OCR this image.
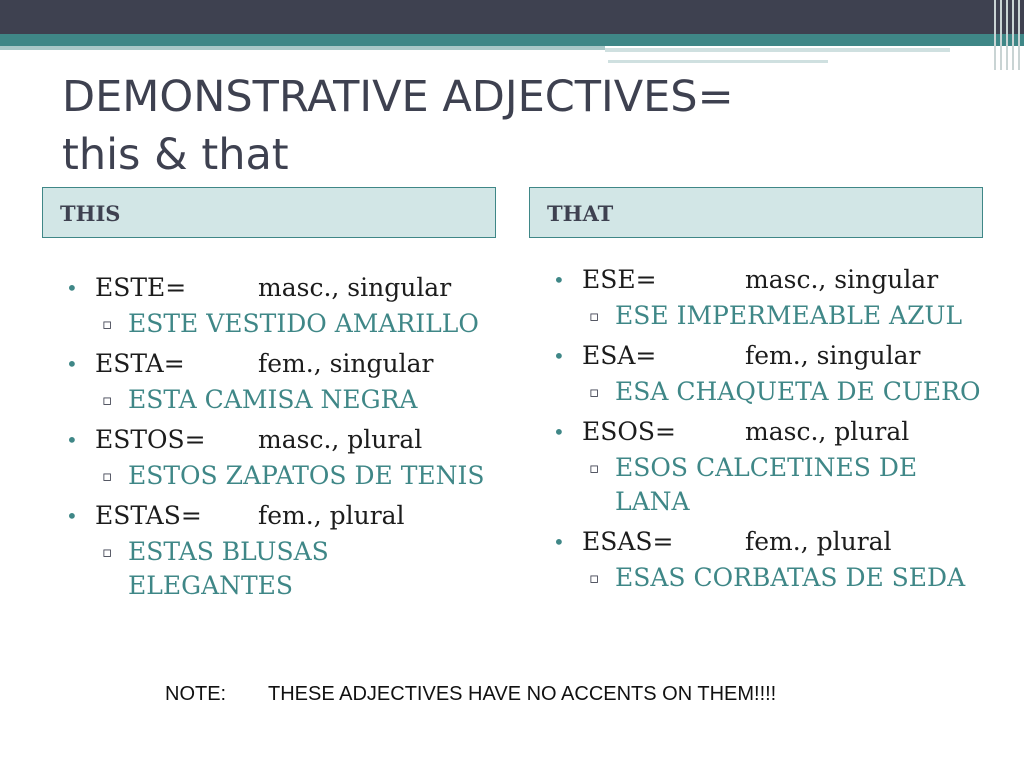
DEMONSTRATIVE ADJECTIVES=
this & that
THIS
• ESTE=	masc., singular
▫ ESTE VESTIDO AMARILLO
• ESTA=	fem., singular
▫ ESTA CAMISA NEGRA
• ESTOS= masc., plural
▫ ESTOS ZAPATOS DE TENIS
• ESTAS= fem., plural
▫ ESTAS BLUSAS ELEGANTES
THAT
• ESE=	masc., singular
▫ ESE IMPERMEABLE AZUL
• ESA=	fem., singular
▫ ESA CHAQUETA DE CUERO
• ESOS=	masc., plural
▫ ESOS CALCETINES DE LANA
• ESAS=	fem., plural
▫ ESAS CORBATAS DE SEDA
NOTE: THESE ADJECTIVES HAVE NO ACCENTS ON THEM!!!!
